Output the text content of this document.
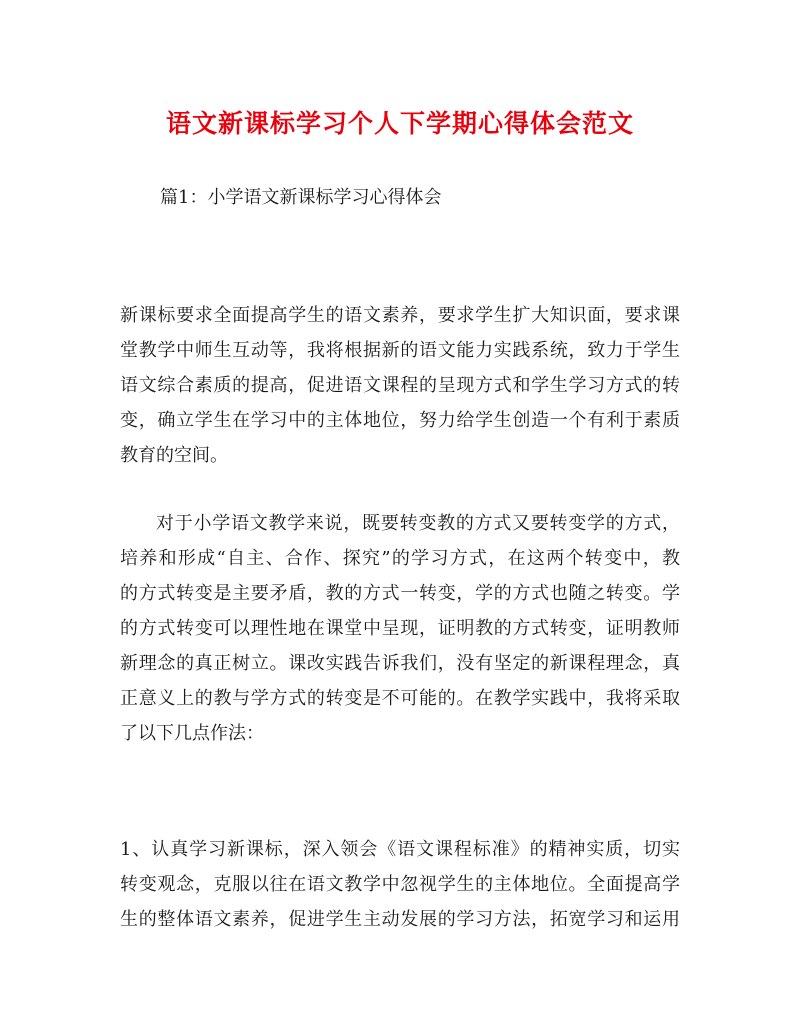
语文新课标学习个人下学期心得体会范文
篇1：小学语文新课标学习心得体会

新课标要求全面提高学生的语文素养，要求学生扩大知识面，要求课
堂教学中师生互动等，我将根据新的语文能力实践系统，致力于学生
语文综合素质的提高，促进语文课程的呈现方式和学生学习方式的转
变，确立学生在学习中的主体地位，努力给学生创造一个有利于素质
教育的空间。

对于小学语文教学来说，既要转变教的方式又要转变学的方式，
培养和形成“自主、合作、探究”的学习方式，在这两个转变中，教
的方式转变是主要矛盾，教的方式一转变，学的方式也随之转变。学
的方式转变可以理性地在课堂中呈现，证明教的方式转变，证明教师
新理念的真正树立。课改实践告诉我们，没有坚定的新课程理念，真
正意义上的教与学方式的转变是不可能的。在教学实践中，我将采取
了以下几点作法：

1、认真学习新课标，深入领会《语文课程标准》的精神实质，切实
转变观念，克服以往在语文教学中忽视学生的主体地位。全面提高学
生的整体语文素养，促进学生主动发展的学习方法，拓宽学习和运用
